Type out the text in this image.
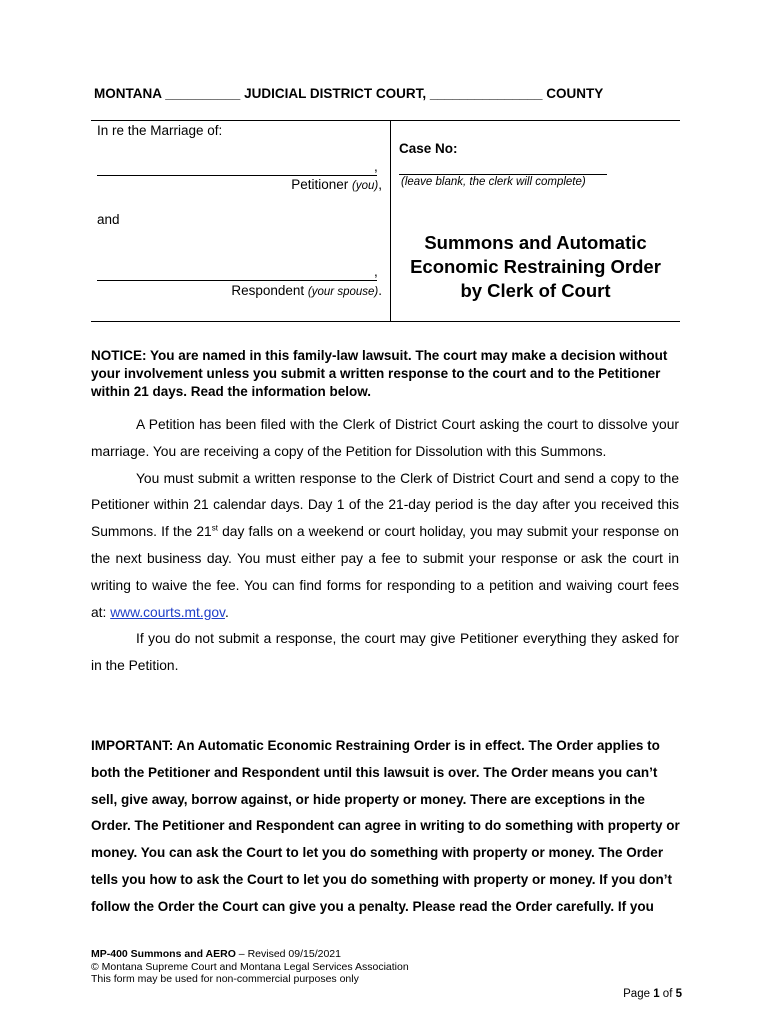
MONTANA __________ JUDICIAL DISTRICT COURT, _______________ COUNTY
In re the Marriage of:
,
Petitioner (you),
and
,
Respondent (your spouse).
Case No:
(leave blank, the clerk will complete)
Summons and Automatic
Economic Restraining Order
by Clerk of Court
NOTICE: You are named in this family-law lawsuit. The court may make a decision without your involvement unless you submit a written response to the court and to the Petitioner within 21 days. Read the information below.

A Petition has been filed with the Clerk of District Court asking the court to dissolve your marriage. You are receiving a copy of the Petition for Dissolution with this Summons.

You must submit a written response to the Clerk of District Court and send a copy to the Petitioner within 21 calendar days. Day 1 of the 21-day period is the day after you received this Summons. If the 21st day falls on a weekend or court holiday, you may submit your response on the next business day. You must either pay a fee to submit your response or ask the court in writing to waive the fee. You can find forms for responding to a petition and waiving court fees at: www.courts.mt.gov.

If you do not submit a response, the court may give Petitioner everything they asked for in the Petition.

IMPORTANT: An Automatic Economic Restraining Order is in effect. The Order applies to both the Petitioner and Respondent until this lawsuit is over. The Order means you can’t sell, give away, borrow against, or hide property or money. There are exceptions in the Order. The Petitioner and Respondent can agree in writing to do something with property or money. You can ask the Court to let you do something with property or money. The Order tells you how to ask the Court to let you do something with property or money. If you don’t follow the Order the Court can give you a penalty. Please read the Order carefully. If you
MP-400 Summons and AERO – Revised 09/15/2021
© Montana Supreme Court and Montana Legal Services Association
This form may be used for non-commercial purposes only
Page 1 of 5
